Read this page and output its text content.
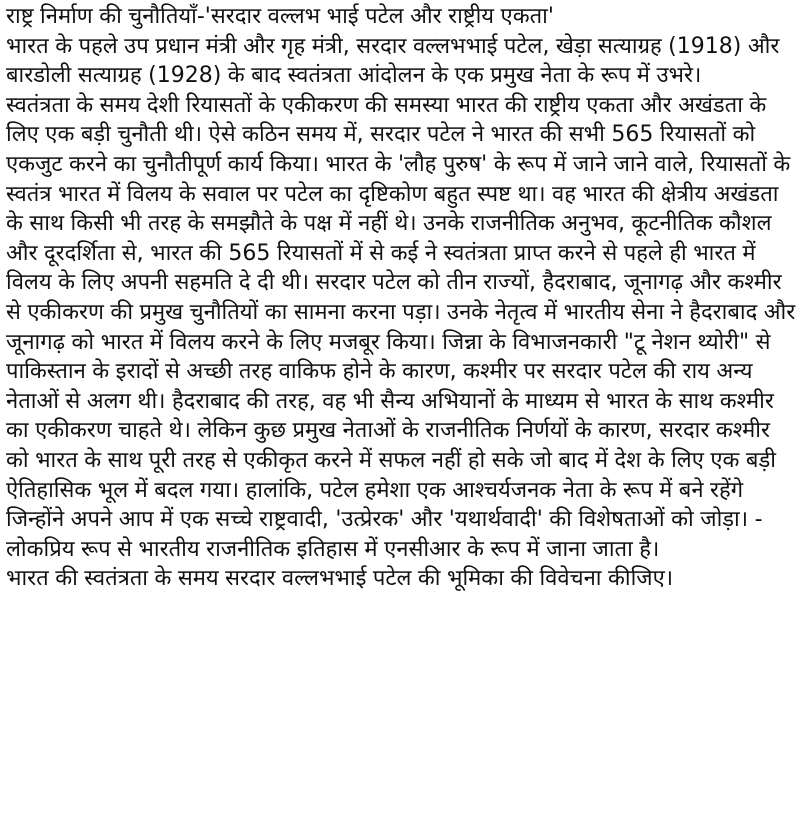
राष्ट्र निर्माण की चुनौतियाँ-'सरदार वल्लभ भाई पटेल और राष्ट्रीय एकता'

भारत के पहले उप प्रधान मंत्री और गृह मंत्री, सरदार वल्लभभाई पटेल, खेड़ा सत्याग्रह (1918) और बारडोली सत्याग्रह (1928) के बाद स्वतंत्रता आंदोलन के एक प्रमुख नेता के रूप में उभरे।

स्वतंत्रता के समय देशी रियासतों के एकीकरण की समस्या भारत की राष्ट्रीय एकता और अखंडता के लिए एक बड़ी चुनौती थी। ऐसे कठिन समय में, सरदार पटेल ने भारत की सभी 565 रियासतों को एकजुट करने का चुनौतीपूर्ण कार्य किया। भारत के 'लौह पुरुष' के रूप में जाने जाने वाले, रियासतों के स्वतंत्र भारत में विलय के सवाल पर पटेल का दृष्टिकोण बहुत स्पष्ट था। वह भारत की क्षेत्रीय अखंडता के साथ किसी भी तरह के समझौते के पक्ष में नहीं थे। उनके राजनीतिक अनुभव, कूटनीतिक कौशल और दूरदर्शिता से, भारत की 565 रियासतों में से कई ने स्वतंत्रता प्राप्त करने से पहले ही भारत में विलय के लिए अपनी सहमति दे दी थी। सरदार पटेल को तीन राज्यों, हैदराबाद, जूनागढ़ और कश्मीर से एकीकरण की प्रमुख चुनौतियों का सामना करना पड़ा। उनके नेतृत्व में भारतीय सेना ने हैदराबाद और जूनागढ़ को भारत में विलय करने के लिए मजबूर किया। जिन्ना के विभाजनकारी "टू नेशन थ्योरी" से पाकिस्तान के इरादों से अच्छी तरह वाकिफ होने के कारण, कश्मीर पर सरदार पटेल की राय अन्य नेताओं से अलग थी। हैदराबाद की तरह, वह भी सैन्य अभियानों के माध्यम से भारत के साथ कश्मीर का एकीकरण चाहते थे। लेकिन कुछ प्रमुख नेताओं के राजनीतिक निर्णयों के कारण, सरदार कश्मीर को भारत के साथ पूरी तरह से एकीकृत करने में सफल नहीं हो सके जो बाद में देश के लिए एक बड़ी ऐतिहासिक भूल में बदल गया। हालांकि, पटेल हमेशा एक आश्चर्यजनक नेता के रूप में बने रहेंगे जिन्होंने अपने आप में एक सच्चे राष्ट्रवादी, 'उत्प्रेरक' और 'यथार्थवादी' की विशेषताओं को जोड़ा। - लोकप्रिय रूप से भारतीय राजनीतिक इतिहास में एनसीआर के रूप में जाना जाता है।

भारत की स्वतंत्रता के समय सरदार वल्लभभाई पटेल की भूमिका की विवेचना कीजिए।
